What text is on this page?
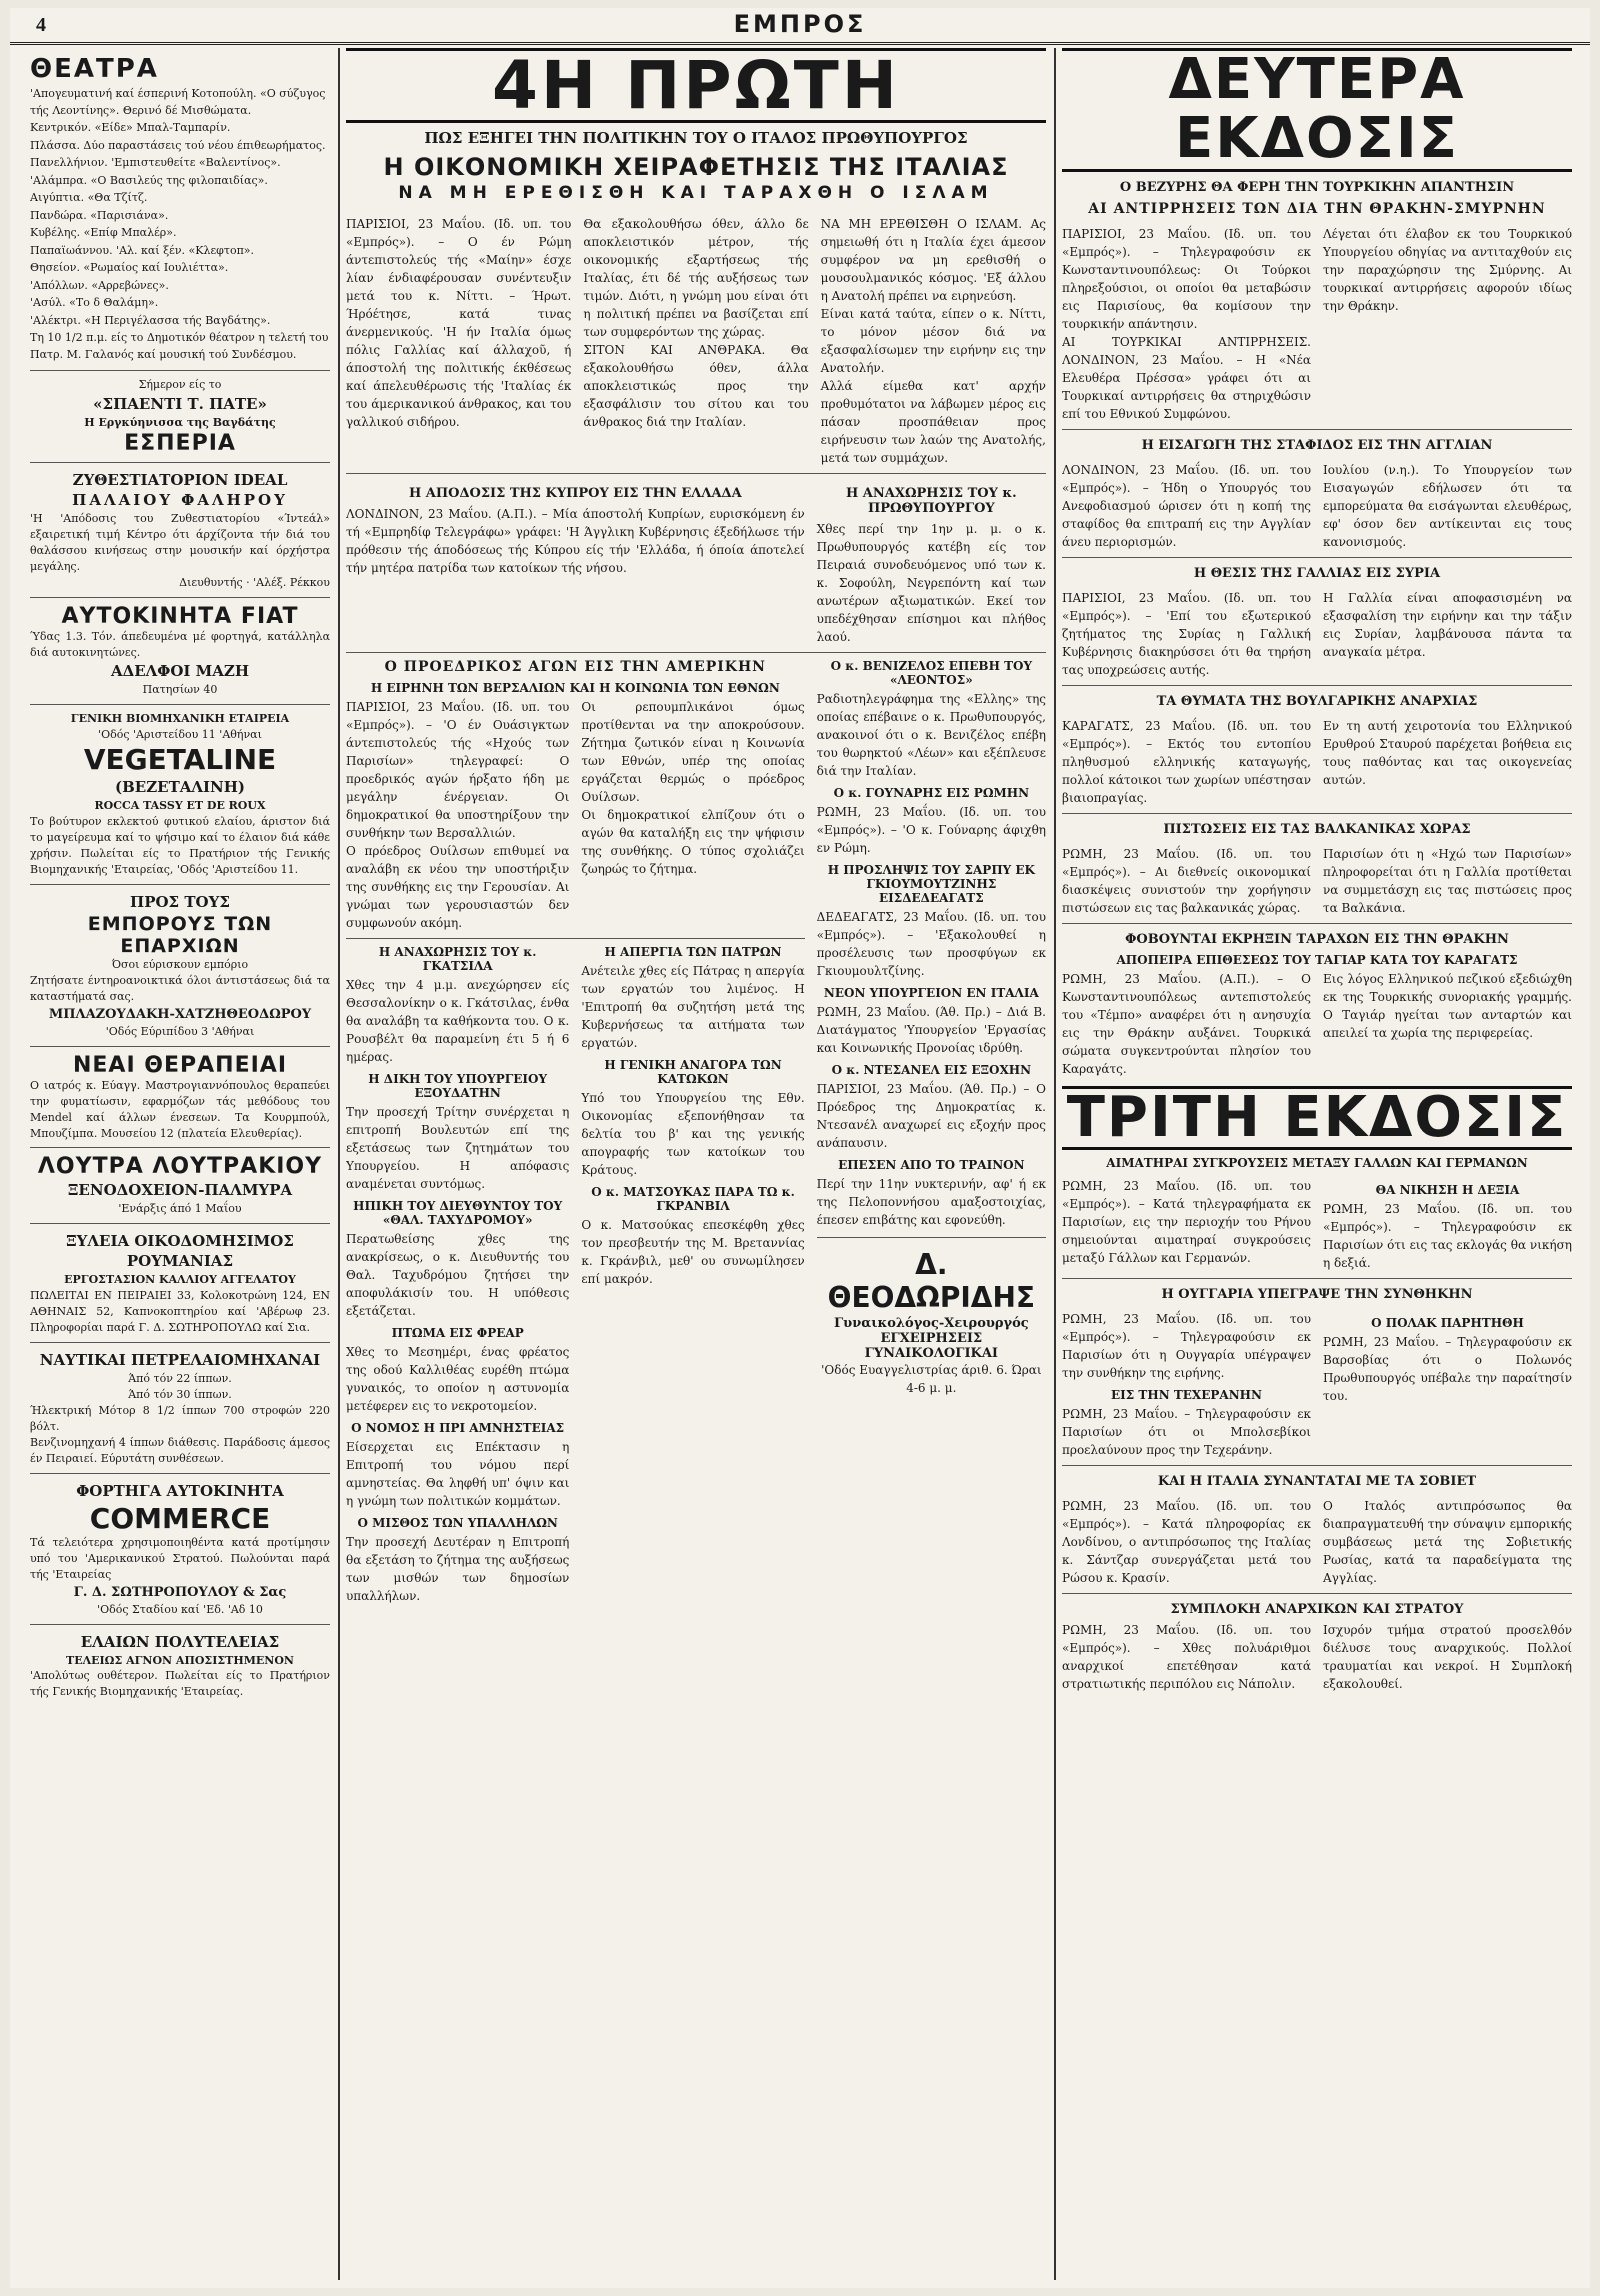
4	ΕΜΠΡΟΣ
ΘΕΑΤΡΑ
'Απογευματινή καί έσπερινή Κοτοπούλη. «Ο σύζυγος τής Λεοντίνης». Θερινό δέ Μισθώματα.
Κεντρικόν. «Είδε» Μπαλ-Ταμπαρίν.
Πλάσσα. Δύο παραστάσεις τού νέου έπιθεωρήματος.
Πανελλήνιον. 'Εμπιστευθείτε «Βαλεντίνος».
'Αλάμπρα. «Ο Βασιλεύς της φιλοπαιδίας».
Αιγύπτια. «Θα Τζίτζ.
Πανδώρα. «Παρισιάνα».
Κυβέλης. «Επίφ Μπαλέρ».
Παπαϊωάννου. 'Αλ. καί ξέν. «Κλεφτοπ».
Θησείον. «Ρωμαίος καί Ιουλιέττα».
'Απόλλων. «Αρρεβώνες».
'Ασύλ. «Το δ Θαλάμη».
'Αλέκτρι. «Η Περιγέλασσα τής Βαγδάτης».
Τη 10 1/2 π.μ. είς το Δημοτικόν θέατρον η τελετή του Πατρ. Μ. Γαλανός καί μουσική τού Συνδέσμου.
Σήμερον είς το
«ΣΠΑΕΝΤΙ Τ. ΠΑΤΕ»
Η Εργκύηνισσα της Βαγδάτης
ΕΣΠΕΡΙΑ
ΖΥΘΕΣΤΙΑΤΟΡΙΟΝ IDEAL
ΠΑΛΑΙΟΥ ΦΑΛΗΡΟΥ
'Η 'Απόδοσις του Ζυθεστιατορίου «Ίντεάλ» εξαιρετική τιμή Κέντρο ότι άρχίζοντα τήν διά του θαλάσσου κινήσεως στην μουσικήν καί όρχήστρα μεγάλης.
Διευθυντής · 'Αλέξ. Ρέκκου
ΑΥΤΟΚΙΝΗΤΑ FIAT
Ύδας 1.3. Τόν. άπεδευμένα μέ φορτηγά, κατάλληλα διά αυτοκινητώνες.
ΑΔΕΛΦΟΙ ΜΑΖΗ
Πατησίων 40
ΓΕΝΙΚΗ ΒΙΟΜΗΧΑΝΙΚΗ ΕΤΑΙΡΕΙΑ
'Οδός 'Αριστείδου 11 'Αθήναι
VEGETALINE
(ΒΕΖΕΤΑΛΙΝΗ)
ROCCA TASSY ET DE ROUX
Το βούτυρον εκλεκτού φυτικού ελαίου, άριστον διά το μαγείρευμα καί το ψήσιμο καί το έλαιον διά κάθε χρήσιν. Πωλείται είς το Πρατήριον τής Γενικής Βιομηχανικής 'Εταιρείας, 'Οδός 'Αριστείδου 11.
ΠΡΟΣ ΤΟΥΣ
ΕΜΠΟΡΟΥΣ ΤΩΝ ΕΠΑΡΧΙΩΝ
Όσοι εύρισκουν εμπόριο
Ζητήσατε έντηροανοικτικά όλοι άντιστάσεως διά τα καταστήματά σας.
ΜΠΛΑΖΟΥΔΑΚΗ-ΧΑΤΖΗΘΕΟΔΩΡΟΥ
'Οδός Εύριπίδου 3 'Αθήναι
ΝΕΑΙ ΘΕΡΑΠΕΙΑΙ
Ο ιατρός κ. Εύαγγ. Μαστρογιαννόπουλος θεραπεύει την φυματίωσιν, εφαρμόζων τάς μεθόδους του Mendel καί άλλων ένεσεων. Τα Κουρμπούλ, Μπουζίμπα. Μουσείου 12 (πλατεία Ελευθερίας).
ΛΟΥΤΡΑ ΛΟΥΤΡΑΚΙΟΥ
ΞΕΝΟΔΟΧΕΙΟΝ-ΠΑΛΜΥΡΑ
'Ενάρξις άπό 1 Μαΐου
ΞΥΛΕΙΑ ΟΙΚΟΔΟΜΗΣΙΜΟΣ
ΡΟΥΜΑΝΙΑΣ
ΕΡΓΟΣΤΑΣΙΟΝ ΚΑΛΛΙΟΥ ΑΓΓΕΛΑΤΟΥ
ΠΩΛΕΙΤΑΙ ΕΝ ΠΕΙΡΑΙΕΙ 33, Κολοκοτρώνη 124, ΕΝ ΑΘΗΝΑΙΣ 52, Καπνοκοπτηρίου καί 'Αβέρωφ 23. Πληροφορίαι παρά Γ. Δ. ΣΩΤΗΡΟΠΟΥΛΩ καί Σια.
ΝΑΥΤΙΚΑΙ ΠΕΤΡΕΛΑΙΟΜΗΧΑΝΑΙ
Άπό τόν 22 ίππων.
Άπό τόν 30 ίππων.
Ήλεκτρική Μότορ 8 1/2 ίππων 700 στροφών 220 βόλτ.
Βενζινομηχανή 4 ίππων διάθεσις. Παράδοσις άμεσος έν Πειραιεί. Εύρυτάτη συνθέσεων.
ΦΟΡΤΗΓΑ ΑΥΤΟΚΙΝΗΤΑ
COMMERCE
Τά τελειότερα χρησιμοποιηθέντα κατά προτίμησιν υπό του 'Αμερικανικού Στρατού. Πωλούνται παρά τής 'Εταιρείας
Γ. Δ. ΣΩΤΗΡΟΠΟΥΛΟΥ & Σας
'Οδός Σταδίου καί 'Εδ. 'Αδ 10
ΕΛΑΙΩΝ ΠΟΛΥΤΕΛΕΙΑΣ
ΤΕΛΕΙΩΣ ΑΓΝΟΝ ΑΠΟΣΙΣΤΗΜΕΝΟΝ
'Απολύτως ουθέτερον. Πωλείται είς το Πρατήριον τής Γενικής Βιομηχανικής 'Εταιρείας.
4Η ΠΡΩΤΗ
ΠΩΣ ΕΞΗΓΕΙ ΤΗΝ ΠΟΛΙΤΙΚΗΝ ΤΟΥ Ο ΙΤΑΛΟΣ ΠΡΩΘΥΠΟΥΡΓΟΣ
Η ΟΙΚΟΝΟΜΙΚΗ ΧΕΙΡΑΦΕΤΗΣΙΣ ΤΗΣ ΙΤΑΛΙΑΣ
ΝΑ ΜΗ ΕΡΕΘΙΣΘΗ ΚΑΙ ΤΑΡΑΧΘΗ Ο ΙΣΛΑΜ

ΠΑΡΙΣΙΟΙ, 23 Μαΐου. (Ιδ. υπ. του «Εμπρός»). – Ο έν Ρώμη άντεπιστολεύς τής «Μαίην» έσχε λίαν ένδιαφέρουσαν συνέντευξιν μετά του κ. Νίττι. – Ήρωτ. Ήρόέτησε, κατά τινας άνερμενικούς. 'Η ήν Ιταλία όμως πόλις Γαλλίας καί άλλαχοῦ, ή άποστολή της πολιτικής έκθέσεως καί άπελευθέρωσις τής 'Ιταλίας έκ του άμερικανικού άνθρακος, και του γαλλικού σιδήρου.

Θα εξακολουθήσω όθεν, άλλο δε αποκλειστικόν μέτρον, τής οικονομικής εξαρτήσεως τής Ιταλίας, έτι δέ τής αυξήσεως των τιμών. Διότι, η γνώμη μου είναι ότι η πολιτική πρέπει να βασίζεται επί των συμφερόντων της χώρας.

ΣΙΤΟΝ ΚΑΙ ΑΝΘΡΑΚΑ. Θα εξακολουθήσω όθεν, άλλα αποκλειστικώς προς την εξασφάλισιν του σίτου και του άνθρακος διά την Ιταλίαν.

ΝΑ ΜΗ ΕΡΕΘΙΣΘΗ Ο ΙΣΛΑΜ. Ας σημειωθή ότι η Ιταλία έχει άμεσον συμφέρον να μη ερεθισθή ο μουσουλμανικός κόσμος. 'Εξ άλλου η Ανατολή πρέπει να ειρηνεύση.

Είναι κατά ταύτα, είπεν ο κ. Νίττι, το μόνον μέσον διά να εξασφαλίσωμεν την ειρήνην εις την Ανατολήν.

Αλλά είμεθα κατ' αρχήν προθυμότατοι να λάβωμεν μέρος εις πάσαν προσπάθειαν προς ειρήνευσιν των λαών της Ανατολής, μετά των συμμάχων.

Η ΑΠΟΔΟΣΙΣ ΤΗΣ ΚΥΠΡΟΥ ΕΙΣ ΤΗΝ ΕΛΛΑΔΑ

ΛΟΝΔΙΝΟΝ, 23 Μαΐου. (Α.Π.). – Μία άποστολή Κυπρίων, ευρισκόμενη έν τή «Εμπρηδίφ Τελεγράφω» γράφει: 'Η Άγγλικη Κυβέρνησις έξεδήλωσε τήν πρόθεσιν τής άποδόσεως τής Κύπρου είς τήν 'Ελλάδα, ή όποία άποτελεί τήν μητέρα πατρίδα των κατοίκων τής νήσου.

Η ΑΝΑΧΩΡΗΣΙΣ ΤΟΥ κ. ΠΡΩΘΥΠΟΥΡΓΟΥ

Χθες περί την 1ην μ. μ. ο κ. Πρωθυπουργός κατέβη είς τον Πειραιά συνοδευόμενος υπό των κ. κ. Σοφούλη, Νεγρεπόντη καί των ανωτέρων αξιωματικών. Εκεί τον υπεδέχθησαν επίσημοι και πλήθος λαού.

Ο ΠΡΟΕΔΡΙΚΟΣ ΑΓΩΝ ΕΙΣ ΤΗΝ ΑΜΕΡΙΚΗΝ
Η ΕΙΡΗΝΗ ΤΩΝ ΒΕΡΣΑΛΙΩΝ ΚΑΙ Η ΚΟΙΝΩΝΙΑ ΤΩΝ ΕΘΝΩΝ

ΠΑΡΙΣΙΟΙ, 23 Μαΐου. (Ιδ. υπ. του «Εμπρός»). – 'Ο έν Ουάσιγκτων άντεπιστολεύς τής «Ηχούς των Παρισίων» τηλεγραφεί: Ο προεδρικός αγών ήρξατο ήδη με μεγάλην ένέργειαν. Οι δημοκρατικοί θα υποστηρίξουν την συνθήκην των Βερσαλλιών.

Ο πρόεδρος Ουίλσων επιθυμεί να αναλάβη εκ νέου την υποστήριξιν της συνθήκης εις την Γερουσίαν. Αι γνώμαι των γερουσιαστών δεν συμφωνούν ακόμη.

Οι ρεπουμπλικάνοι όμως προτίθενται να την αποκρούσουν. Ζήτημα ζωτικόν είναι η Κοινωνία των Εθνών, υπέρ της οποίας εργάζεται θερμώς ο πρόεδρος Ουίλσων.

Οι δημοκρατικοί ελπίζουν ότι ο αγών θα καταλήξη εις την ψήφισιν της συνθήκης. Ο τύπος σχολιάζει ζωηρώς το ζήτημα.

Η ΑΝΑΧΩΡΗΣΙΣ ΤΟΥ κ. ΓΚΑΤΣΙΛΑ

Χθες την 4 μ.μ. ανεχώρησεν είς Θεσσαλονίκην ο κ. Γκάτσιλας, ένθα θα αναλάβη τα καθήκοντα του. Ο κ. Ρουσβέλτ θα παραμείνη έτι 5 ή 6 ημέρας.

Η ΔΙΚΗ ΤΟΥ ΥΠΟΥΡΓΕΙΟΥ ΕΞΟΥΔΑΤΗΝ

Την προσεχή Τρίτην συνέρχεται η επιτροπή Βουλευτών επί της εξετάσεως των ζητημάτων του Υπουργείου. Η απόφασις αναμένεται συντόμως.

ΗΠΙΚΗ ΤΟΥ ΔΙΕΥΘΥΝΤΟΥ ΤΟΥ «ΘΑΛ. ΤΑΧΥΔΡΟΜΟΥ»

Περατωθείσης χθες της ανακρίσεως, ο κ. Διευθυντής του Θαλ. Ταχυδρόμου ζητήσει την αποφυλάκισίν του. Η υπόθεσις εξετάζεται.

ΠΤΩΜΑ ΕΙΣ ΦΡΕΑΡ

Χθες το Μεσημέρι, ένας φρέατος της οδού Καλλιθέας ευρέθη πτώμα γυναικός, το οποίον η αστυνομία μετέφερεν εις το νεκροτομείον.

Ο ΝΟΜΟΣ Η ΠΡΙ ΑΜΝΗΣΤΕΙΑΣ

Είσερχεται εις Επέκτασιν η Επιτροπή του νόμου περί αμνηστείας. Θα ληφθή υπ' όψιν και η γνώμη των πολιτικών κομμάτων.

Ο ΜΙΣΘΟΣ ΤΩΝ ΥΠΑΛΛΗΛΩΝ

Την προσεχή Δευτέραν η Επιτροπή θα εξετάση το ζήτημα της αυξήσεως των μισθών των δημοσίων υπαλλήλων.

Η ΑΠΕΡΓΙΑ ΤΩΝ ΠΑΤΡΩΝ

Ανέτειλε χθες είς Πάτρας η απεργία των εργατών του λιμένος. Η 'Επιτροπή θα συζητήση μετά της Κυβερνήσεως τα αιτήματα των εργατών.

Η ΓΕΝΙΚΗ ΑΝΑΓΟΡΑ ΤΩΝ ΚΑΤΩΚΩΝ

Υπό του Υπουργείου της Εθν. Οικονομίας εξεπονήθησαν τα δελτία του β' και της γενικής απογραφής των κατοίκων του Κράτους.

Ο κ. ΜΑΤΣΟΥΚΑΣ ΠΑΡΑ ΤΩ κ. ΓΚΡΑΝΒΙΛ

Ο κ. Ματσούκας επεσκέφθη χθες τον πρεσβευτήν της Μ. Βρεταννίας κ. Γκράνβιλ, μεθ' ου συνωμίλησεν επί μακρόν.

Ο κ. ΒΕΝΙΖΕΛΟΣ ΕΠΕΒΗ ΤΟΥ «ΛΕΟΝΤΟΣ»

Ραδιοτηλεγράφημα της «Ελλης» της οποίας επέβαινε ο κ. Πρωθυπουργός, ανακοινοί ότι ο κ. Βενιζέλος επέβη του θωρηκτού «Λέων» και εξέπλευσε διά την Ιταλίαν.

Ο κ. ΓΟΥΝΑΡΗΣ ΕΙΣ ΡΩΜΗΝ

ΡΩΜΗ, 23 Μαΐου. (Ιδ. υπ. του «Εμπρός»). – 'Ο κ. Γούναρης άφιχθη εν Ρώμη.

Η ΠΡΟΣΛΗΨΙΣ ΤΟΥ ΣΑΡΠΥ ΕΚ ΓΚΙΟΥΜΟΥΤΖΙΝΗΣ ΕΙΣΔΕΔΕΑΓΑΤΣ

ΔΕΔΕΑΓΑΤΣ, 23 Μαΐου. (Ιδ. υπ. του «Εμπρός»). – 'Εξακολουθεί η προσέλευσις των προσφύγων εκ Γκιουμουλτζίνης.

ΝΕΟΝ ΥΠΟΥΡΓΕΙΟΝ ΕΝ ΙΤΑΛΙΑ

ΡΩΜΗ, 23 Μαΐου. (Άθ. Πρ.) – Διά Β. Διατάγματος 'Υπουργείον 'Εργασίας και Κοινωνικής Προνοίας ιδρύθη.

Ο κ. ΝΤΕΣΑΝΕΛ ΕΙΣ ΕΞΟΧΗΝ

ΠΑΡΙΣΙΟΙ, 23 Μαΐου. (Άθ. Πρ.) – Ο Πρόεδρος της Δημοκρατίας κ. Ντεσανέλ αναχωρεί εις εξοχήν προς ανάπαυσιν.

ΕΠΕΣΕΝ ΑΠΟ ΤΟ ΤΡΑΙΝΟΝ

Περί την 11ην νυκτερινήν, αφ' ή εκ της Πελοποννήσου αμαξοστοιχίας, έπεσεν επιβάτης και εφονεύθη.

Δ. ΘΕΟΔΩΡΙΔΗΣ
Γυναικολόγος-Χειρουργός
ΕΓΧΕΙΡΗΣΕΙΣ ΓΥΝΑΙΚΟΛΟΓΙΚΑΙ
'Οδός Ευαγγελιστρίας άριθ. 6. Ώραι 4-6 μ. μ.
ΔΕΥΤΕΡΑ ΕΚΔΟΣΙΣ
Ο ΒΕΖΥΡΗΣ ΘΑ ΦΕΡΗ ΤΗΝ ΤΟΥΡΚΙΚΗΝ ΑΠΑΝΤΗΣΙΝ
ΑΙ ΑΝΤΙΡΡΗΣΕΙΣ ΤΩΝ ΔΙΑ ΤΗΝ ΘΡΑΚΗΝ-ΣΜΥΡΝΗΝ

ΠΑΡΙΣΙΟΙ, 23 Μαΐου. (Ιδ. υπ. του «Εμπρός»). – Τηλεγραφούσιν εκ Κωνσταντινουπόλεως: Οι Τούρκοι πληρεξούσιοι, οι οποίοι θα μεταβώσιν εις Παρισίους, θα κομίσουν την τουρκικήν απάντησιν.

ΑΙ ΤΟΥΡΚΙΚΑΙ ΑΝΤΙΡΡΗΣΕΙΣ. ΛΟΝΔΙΝΟΝ, 23 Μαΐου. – Η «Νέα Ελευθέρα Πρέσσα» γράφει ότι αι Τουρκικαί αντιρρήσεις θα στηριχθώσιν επί του Εθνικού Συμφώνου.

Λέγεται ότι έλαβον εκ του Τουρκικού Υπουργείου οδηγίας να αντιταχθούν εις την παραχώρησιν της Σμύρνης. Αι τουρκικαί αντιρρήσεις αφορούν ιδίως την Θράκην.

Η ΕΙΣΑΓΩΓΗ ΤΗΣ ΣΤΑΦΙΔΟΣ ΕΙΣ ΤΗΝ ΑΓΓΛΙΑΝ

ΛΟΝΔΙΝΟΝ, 23 Μαΐου. (Ιδ. υπ. του «Εμπρός»). – Ήδη ο Υπουργός του Ανεφοδιασμού ώρισεν ότι η κοπή της σταφίδος θα επιτραπή εις την Αγγλίαν άνευ περιορισμών.

Ιουλίου (ν.η.). Το Υπουργείον των Εισαγωγών εδήλωσεν ότι τα εμπορεύματα θα εισάγωνται ελευθέρως, εφ' όσον δεν αντίκεινται εις τους κανονισμούς.

Η ΘΕΣΙΣ ΤΗΣ ΓΑΛΛΙΑΣ ΕΙΣ ΣΥΡΙΑ

ΠΑΡΙΣΙΟΙ, 23 Μαΐου. (Ιδ. υπ. του «Εμπρός»). – 'Επί του εξωτερικού ζητήματος της Συρίας η Γαλλική Κυβέρνησις διακηρύσσει ότι θα τηρήση τας υποχρεώσεις αυτής.

Η Γαλλία είναι αποφασισμένη να εξασφαλίση την ειρήνην και την τάξιν εις Συρίαν, λαμβάνουσα πάντα τα αναγκαία μέτρα.

ΤΑ ΘΥΜΑΤΑ ΤΗΣ ΒΟΥΛΓΑΡΙΚΗΣ ΑΝΑΡΧΙΑΣ

ΚΑΡΑΓΑΤΣ, 23 Μαΐου. (Ιδ. υπ. του «Εμπρός»). – Εκτός του εντοπίου πληθυσμού ελληνικής καταγωγής, πολλοί κάτοικοι των χωρίων υπέστησαν βιαιοπραγίας.

Εν τη αυτή χειροτονία του Ελληνικού Ερυθρού Σταυρού παρέχεται βοήθεια εις τους παθόντας και τας οικογενείας αυτών.

ΠΙΣΤΩΣΕΙΣ ΕΙΣ ΤΑΣ ΒΑΛΚΑΝΙΚΑΣ ΧΩΡΑΣ

ΡΩΜΗ, 23 Μαΐου. (Ιδ. υπ. του «Εμπρός»). – Αι διεθνείς οικονομικαί διασκέψεις συνιστούν την χορήγησιν πιστώσεων εις τας βαλκανικάς χώρας.

Παρισίων ότι η «Ηχώ των Παρισίων» πληροφορείται ότι η Γαλλία προτίθεται να συμμετάσχη εις τας πιστώσεις προς τα Βαλκάνια.

ΦΟΒΟΥΝΤΑΙ ΕΚΡΗΞΙΝ ΤΑΡΑΧΩΝ ΕΙΣ ΤΗΝ ΘΡΑΚΗΝ
ΑΠΟΠΕΙΡΑ ΕΠΙΘΕΣΕΩΣ ΤΟΥ ΤΑΓΙΑΡ ΚΑΤΑ ΤΟΥ ΚΑΡΑΓΑΤΣ

ΡΩΜΗ, 23 Μαΐου. (Α.Π.). – Ο Κωνσταντινουπόλεως αντεπιστολεύς του «Τέμπο» αναφέρει ότι η ανησυχία εις την Θράκην αυξάνει. Τουρκικά σώματα συγκεντρούνται πλησίον του Καραγάτς.

Εις λόγος Ελληνικού πεζικού εξεδιώχθη εκ της Τουρκικής συνοριακής γραμμής. Ο Ταγιάρ ηγείται των ανταρτών και απειλεί τα χωρία της περιφερείας.

ΤΡΙΤΗ ΕΚΔΟΣΙΣ
ΑΙΜΑΤΗΡΑΙ ΣΥΓΚΡΟΥΣΕΙΣ ΜΕΤΑΞΥ ΓΑΛΛΩΝ ΚΑΙ ΓΕΡΜΑΝΩΝ

ΡΩΜΗ, 23 Μαΐου. (Ιδ. υπ. του «Εμπρός»). – Κατά τηλεγραφήματα εκ Παρισίων, εις την περιοχήν του Ρήνου σημειούνται αιματηραί συγκρούσεις μεταξύ Γάλλων και Γερμανών.

ΘΑ ΝΙΚΗΣΗ Η ΔΕΞΙΑ

ΡΩΜΗ, 23 Μαΐου. (Ιδ. υπ. του «Εμπρός»). – Τηλεγραφούσιν εκ Παρισίων ότι εις τας εκλογάς θα νικήση η δεξιά.

Η ΟΥΓΓΑΡΙΑ ΥΠΕΓΡΑΨΕ ΤΗΝ ΣΥΝΘΗΚΗΝ

ΡΩΜΗ, 23 Μαΐου. (Ιδ. υπ. του «Εμπρός»). – Τηλεγραφούσιν εκ Παρισίων ότι η Ουγγαρία υπέγραψεν την συνθήκην της ειρήνης.

ΕΙΣ ΤΗΝ ΤΕΧΕΡΑΝΗΝ

ΡΩΜΗ, 23 Μαΐου. – Τηλεγραφούσιν εκ Παρισίων ότι οι Μπολσεβίκοι προελαύνουν προς την Τεχεράνην.

Ο ΠΟΛΑΚ ΠΑΡΗΤΗΘΗ

ΡΩΜΗ, 23 Μαΐου. – Τηλεγραφούσιν εκ Βαρσοβίας ότι ο Πολωνός Πρωθυπουργός υπέβαλε την παραίτησίν του.

ΚΑΙ Η ΙΤΑΛΙΑ ΣΥΝΑΝΤΑΤΑΙ ΜΕ ΤΑ ΣΟΒΙΕΤ

ΡΩΜΗ, 23 Μαΐου. (Ιδ. υπ. του «Εμπρός»). – Κατά πληροφορίας εκ Λονδίνου, ο αντιπρόσωπος της Ιταλίας κ. Σάντζαρ συνεργάζεται μετά του Ρώσου κ. Κρασίν.

Ο Ιταλός αντιπρόσωπος θα διαπραγματευθή την σύναψιν εμπορικής συμβάσεως μετά της Σοβιετικής Ρωσίας, κατά τα παραδείγματα της Αγγλίας.

ΣΥΜΠΛΟΚΗ ΑΝΑΡΧΙΚΩΝ ΚΑΙ ΣΤΡΑΤΟΥ

ΡΩΜΗ, 23 Μαΐου. (Ιδ. υπ. του «Εμπρός»). – Χθες πολυάριθμοι αναρχικοί επετέθησαν κατά στρατιωτικής περιπόλου εις Νάπολιν.

Ισχυρόν τμήμα στρατού προσελθόν διέλυσε τους αναρχικούς. Πολλοί τραυματίαι και νεκροί. Η Συμπλοκή εξακολουθεί.
